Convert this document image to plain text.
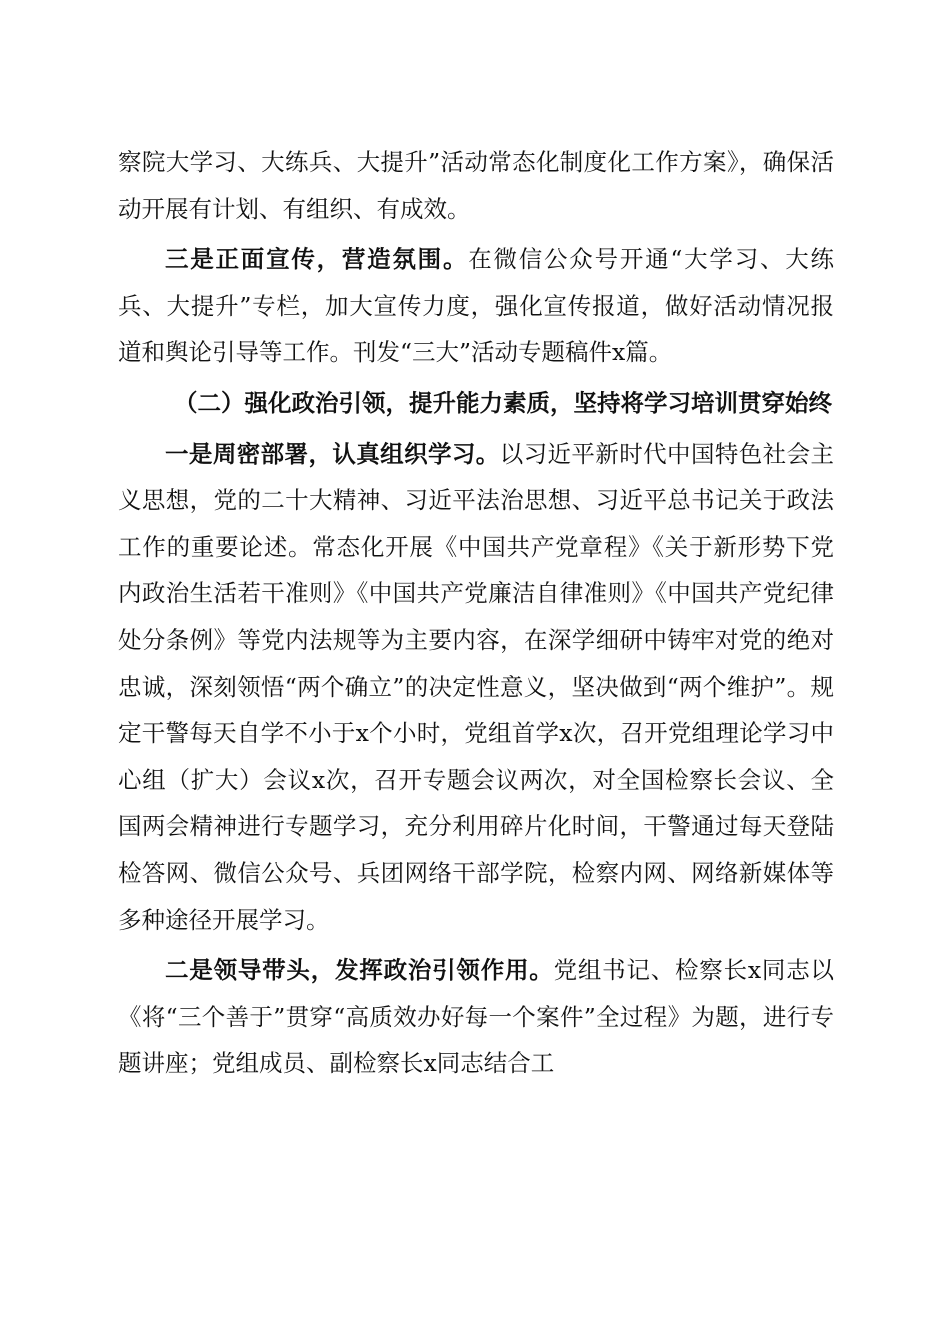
察院大学习、大练兵、大提升”活动常态化制度化工作方案》，确保活动开展有计划、有组织、有成效。

三是正面宣传，营造氛围。在微信公众号开通“大学习、大练兵、大提升”专栏，加大宣传力度，强化宣传报道，做好活动情况报道和舆论引导等工作。刊发“三大”活动专题稿件x篇。

（二）强化政治引领，提升能力素质，坚持将学习培训贯穿始终

一是周密部署，认真组织学习。以习近平新时代中国特色社会主义思想，党的二十大精神、习近平法治思想、习近平总书记关于政法工作的重要论述。常态化开展《中国共产党章程》《关于新形势下党内政治生活若干准则》《中国共产党廉洁自律准则》《中国共产党纪律处分条例》等党内法规等为主要内容，在深学细研中铸牢对党的绝对忠诚，深刻领悟“两个确立”的决定性意义，坚决做到“两个维护”。规定干警每天自学不小于x个小时，党组首学x次，召开党组理论学习中心组（扩大）会议x次，召开专题会议两次，对全国检察长会议、全国两会精神进行专题学习，充分利用碎片化时间，干警通过每天登陆检答网、微信公众号、兵团网络干部学院，检察内网、网络新媒体等多种途径开展学习。

二是领导带头，发挥政治引领作用。党组书记、检察长x同志以《将“三个善于”贯穿“高质效办好每一个案件”全过程》为题，进行专题讲座；党组成员、副检察长x同志结合工
